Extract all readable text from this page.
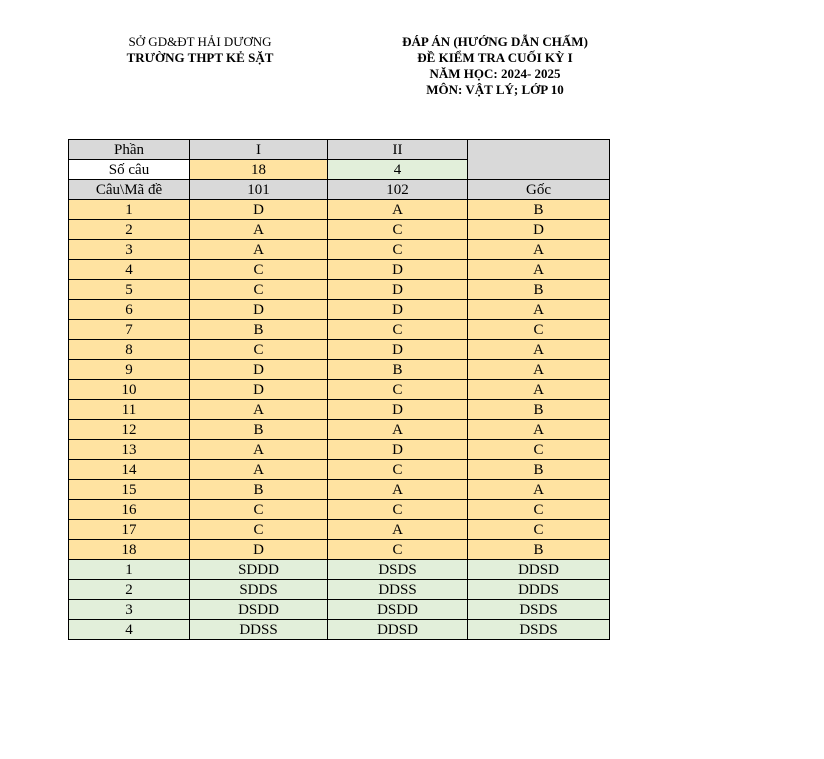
SỞ GD&ĐT HẢI DƯƠNG
TRƯỜNG THPT KẺ SẶT
ĐÁP ÁN (HƯỚNG DẪN CHẤM)
ĐỀ KIỂM TRA CUỐI KỲ I
NĂM HỌC: 2024- 2025
MÔN: VẬT LÝ; LỚP 10
Phần	I	II	
Số câu	18	4	
Câu\Mã đề	101	102	Gốc
1	D	A	B
2	A	C	D
3	A	C	A
4	C	D	A
5	C	D	B
6	D	D	A
7	B	C	C
8	C	D	A
9	D	B	A
10	D	C	A
11	A	D	B
12	B	A	A
13	A	D	C
14	A	C	B
15	B	A	A
16	C	C	C
17	C	A	C
18	D	C	B
1	SDDD	DSDS	DDSD
2	SDDS	DDSS	DDDS
3	DSDD	DSDD	DSDS
4	DDSS	DDSD	DSDS
